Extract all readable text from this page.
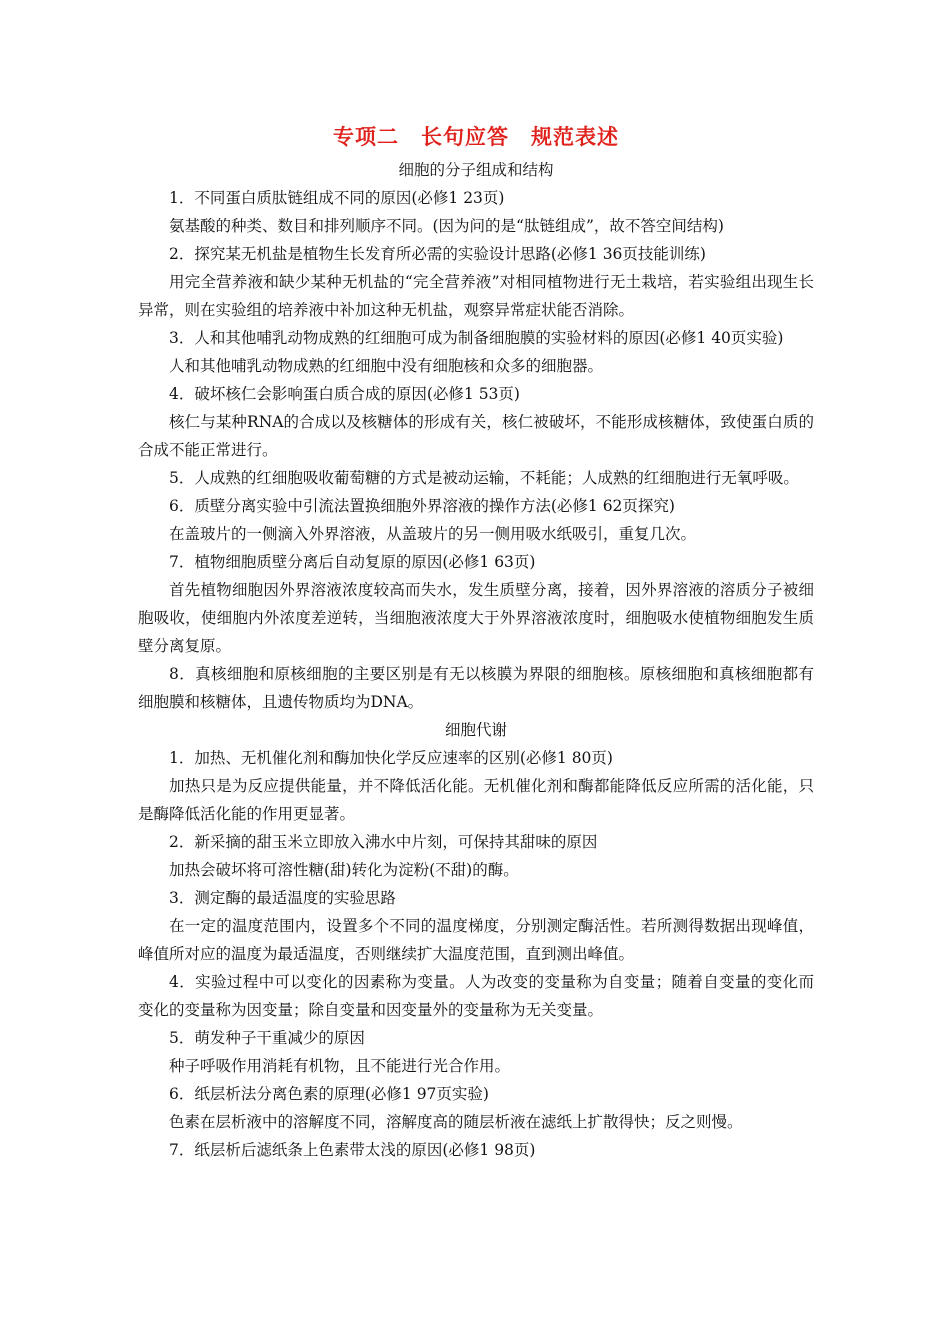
专项二　长句应答　规范表述

细胞的分子组成和结构

1．不同蛋白质肽链组成不同的原因(必修1 23页)

氨基酸的种类、数目和排列顺序不同。(因为问的是“肽链组成”，故不答空间结构)

2．探究某无机盐是植物生长发育所必需的实验设计思路(必修1 36页技能训练)

用完全营养液和缺少某种无机盐的“完全营养液”对相同植物进行无土栽培，若实验组出现生长异常，则在实验组的培养液中补加这种无机盐，观察异常症状能否消除。

3．人和其他哺乳动物成熟的红细胞可成为制备细胞膜的实验材料的原因(必修1 40页实验)

人和其他哺乳动物成熟的红细胞中没有细胞核和众多的细胞器。

4．破坏核仁会影响蛋白质合成的原因(必修1 53页)

核仁与某种RNA的合成以及核糖体的形成有关，核仁被破坏，不能形成核糖体，致使蛋白质的合成不能正常进行。

5．人成熟的红细胞吸收葡萄糖的方式是被动运输，不耗能；人成熟的红细胞进行无氧呼吸。

6．质壁分离实验中引流法置换细胞外界溶液的操作方法(必修1 62页探究)

在盖玻片的一侧滴入外界溶液，从盖玻片的另一侧用吸水纸吸引，重复几次。

7．植物细胞质壁分离后自动复原的原因(必修1 63页)

首先植物细胞因外界溶液浓度较高而失水，发生质壁分离，接着，因外界溶液的溶质分子被细胞吸收，使细胞内外浓度差逆转，当细胞液浓度大于外界溶液浓度时，细胞吸水使植物细胞发生质壁分离复原。

8．真核细胞和原核细胞的主要区别是有无以核膜为界限的细胞核。原核细胞和真核细胞都有细胞膜和核糖体，且遗传物质均为DNA。

细胞代谢

1．加热、无机催化剂和酶加快化学反应速率的区别(必修1 80页)

加热只是为反应提供能量，并不降低活化能。无机催化剂和酶都能降低反应所需的活化能，只是酶降低活化能的作用更显著。

2．新采摘的甜玉米立即放入沸水中片刻，可保持其甜味的原因

加热会破坏将可溶性糖(甜)转化为淀粉(不甜)的酶。

3．测定酶的最适温度的实验思路

在一定的温度范围内，设置多个不同的温度梯度，分别测定酶活性。若所测得数据出现峰值，峰值所对应的温度为最适温度，否则继续扩大温度范围，直到测出峰值。

4．实验过程中可以变化的因素称为变量。人为改变的变量称为自变量；随着自变量的变化而变化的变量称为因变量；除自变量和因变量外的变量称为无关变量。

5．萌发种子干重减少的原因

种子呼吸作用消耗有机物，且不能进行光合作用。

6．纸层析法分离色素的原理(必修1 97页实验)

色素在层析液中的溶解度不同，溶解度高的随层析液在滤纸上扩散得快；反之则慢。

7．纸层析后滤纸条上色素带太浅的原因(必修1 98页)
